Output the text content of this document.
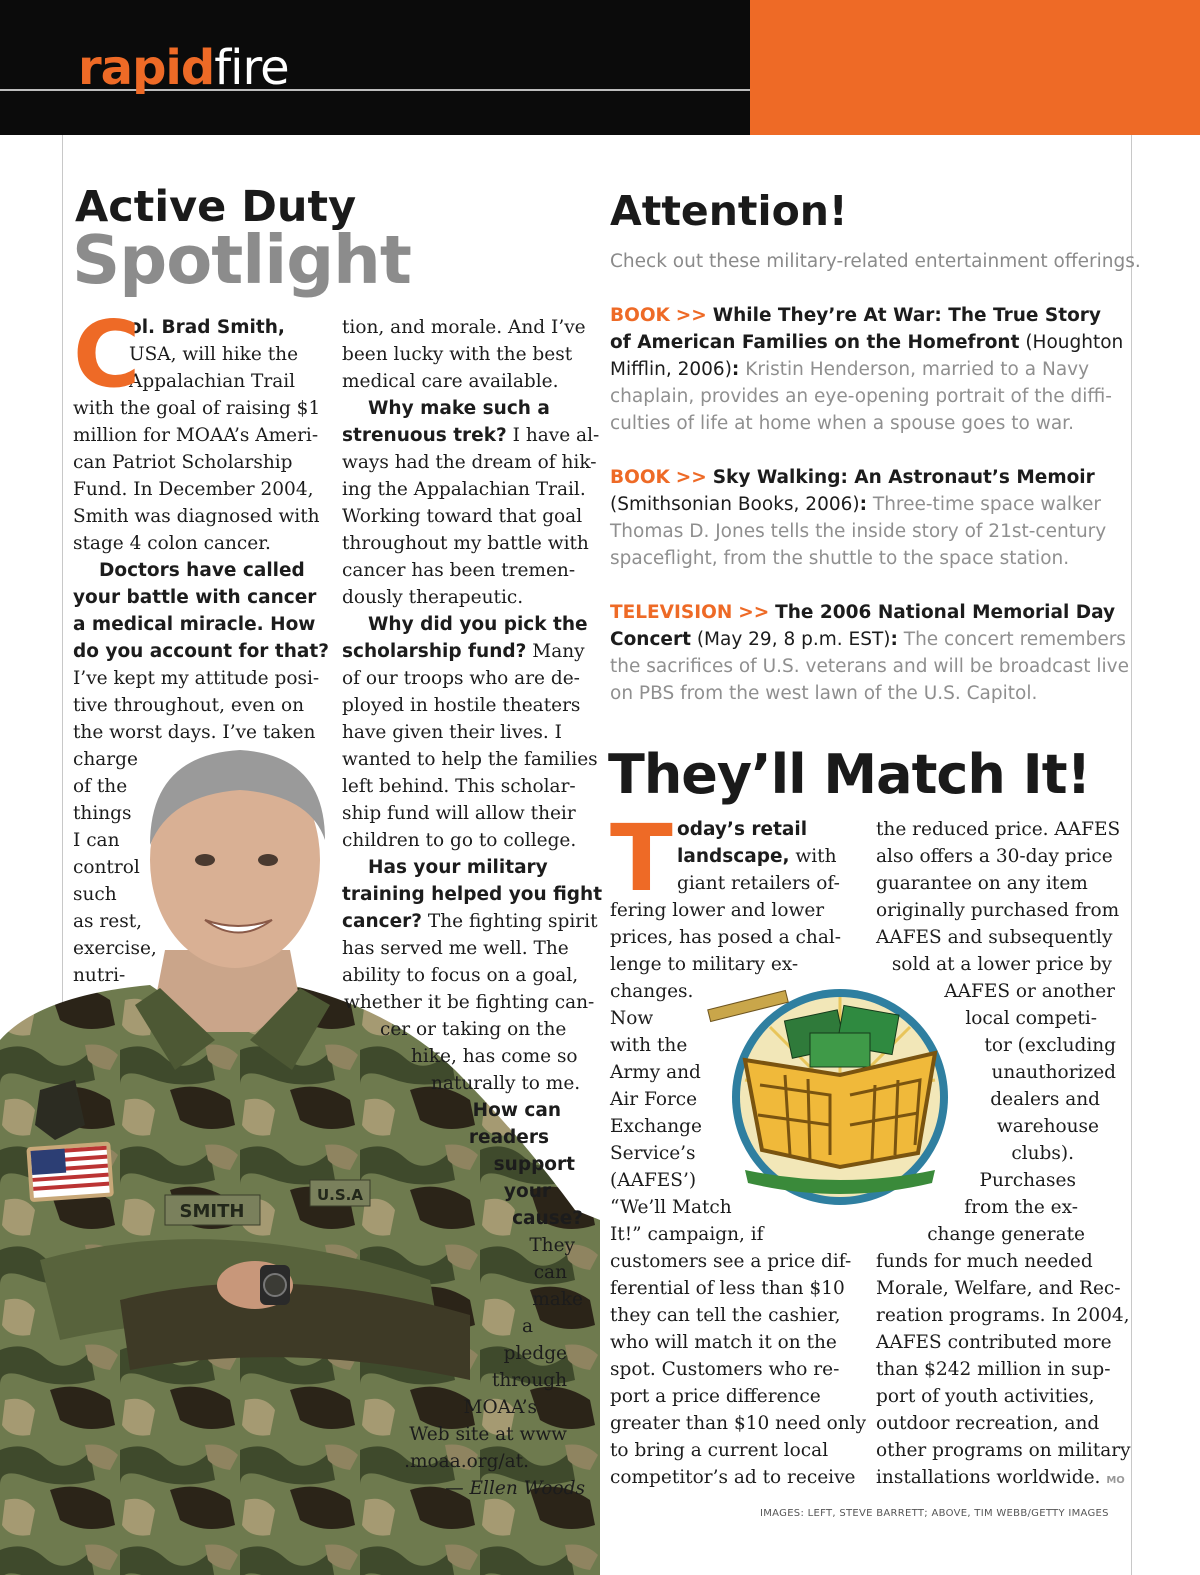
rapidfire
Active Duty
Spotlight
SMITH
U.S.A
C
ol. Brad Smith,
USA, will hike the
Appalachian Trail
with the goal of raising $1
million for MOAA’s Ameri-
can Patriot Scholarship
Fund. In December 2004,
Smith was diagnosed with
stage 4 colon cancer.
Doctors have called
your battle with cancer
a medical miracle. How
do you account for that?
I’ve kept my attitude posi-
tive throughout, even on
the worst days. I’ve taken
charge
of the
things
I can
control
such
as rest,
exercise,
nutri-
tion, and morale. And I’ve
been lucky with the best
medical care available.
Why make such a
strenuous trek? I have al-
ways had the dream of hik-
ing the Appalachian Trail.
Working toward that goal
throughout my battle with
cancer has been tremen-
dously therapeutic.
Why did you pick the
scholarship fund? Many
of our troops who are de-
ployed in hostile theaters
have given their lives. I
wanted to help the families
left behind. This scholar-
ship fund will allow their
children to go to college.
Has your military
training helped you fight
cancer? The fighting spirit
has served me well. The
ability to focus on a goal,
whether it be fighting can-
cer or taking on the
hike, has come so
naturally to me.
How can
readers
support
your
cause?
They
can
make
a
pledge
through
MOAA’s
Web site at www
.moaa.org/at.
— Ellen Woods
Attention!
Check out these military-related entertainment offerings.
BOOK >> While They’re At War: The True Story
of American Families on the Homefront (Houghton
Mifflin, 2006): Kristin Henderson, married to a Navy
chaplain, provides an eye-opening portrait of the diffi-
culties of life at home when a spouse goes to war.
BOOK >> Sky Walking: An Astronaut’s Memoir
(Smithsonian Books, 2006): Three-time space walker
Thomas D. Jones tells the inside story of 21st-century
spaceflight, from the shuttle to the space station.
TELEVISION >> The 2006 National Memorial Day
Concert (May 29, 8 p.m. EST): The concert remembers
the sacrifices of U.S. veterans and will be broadcast live
on PBS from the west lawn of the U.S. Capitol.
They’ll Match It!
T oday’s retail
landscape, with
giant retailers of-
fering lower and lower
prices, has posed a chal-
lenge to military ex-
changes.
Now
with the
Army and
Air Force
Exchange
Service’s
(AAFES’)
“We’ll Match
It!” campaign, if
customers see a price dif-
ferential of less than $10
they can tell the cashier,
who will match it on the
spot. Customers who re-
port a price difference
greater than $10 need only
to bring a current local
competitor’s ad to receive
the reduced price. AAFES
also offers a 30-day price
guarantee on any item
originally purchased from
AAFES and subsequently
sold at a lower price by
AAFES or another
local competi-
tor (excluding
unauthorized
dealers and
warehouse
clubs).
Purchases
from the ex-
change generate
funds for much needed
Morale, Welfare, and Rec-
reation programs. In 2004,
AAFES contributed more
than $242 million in sup-
port of youth activities,
outdoor recreation, and
other programs on military
installations worldwide. MO
IMAGES: LEFT, STEVE BARRETT; ABOVE, TIM WEBB/GETTY IMAGES
